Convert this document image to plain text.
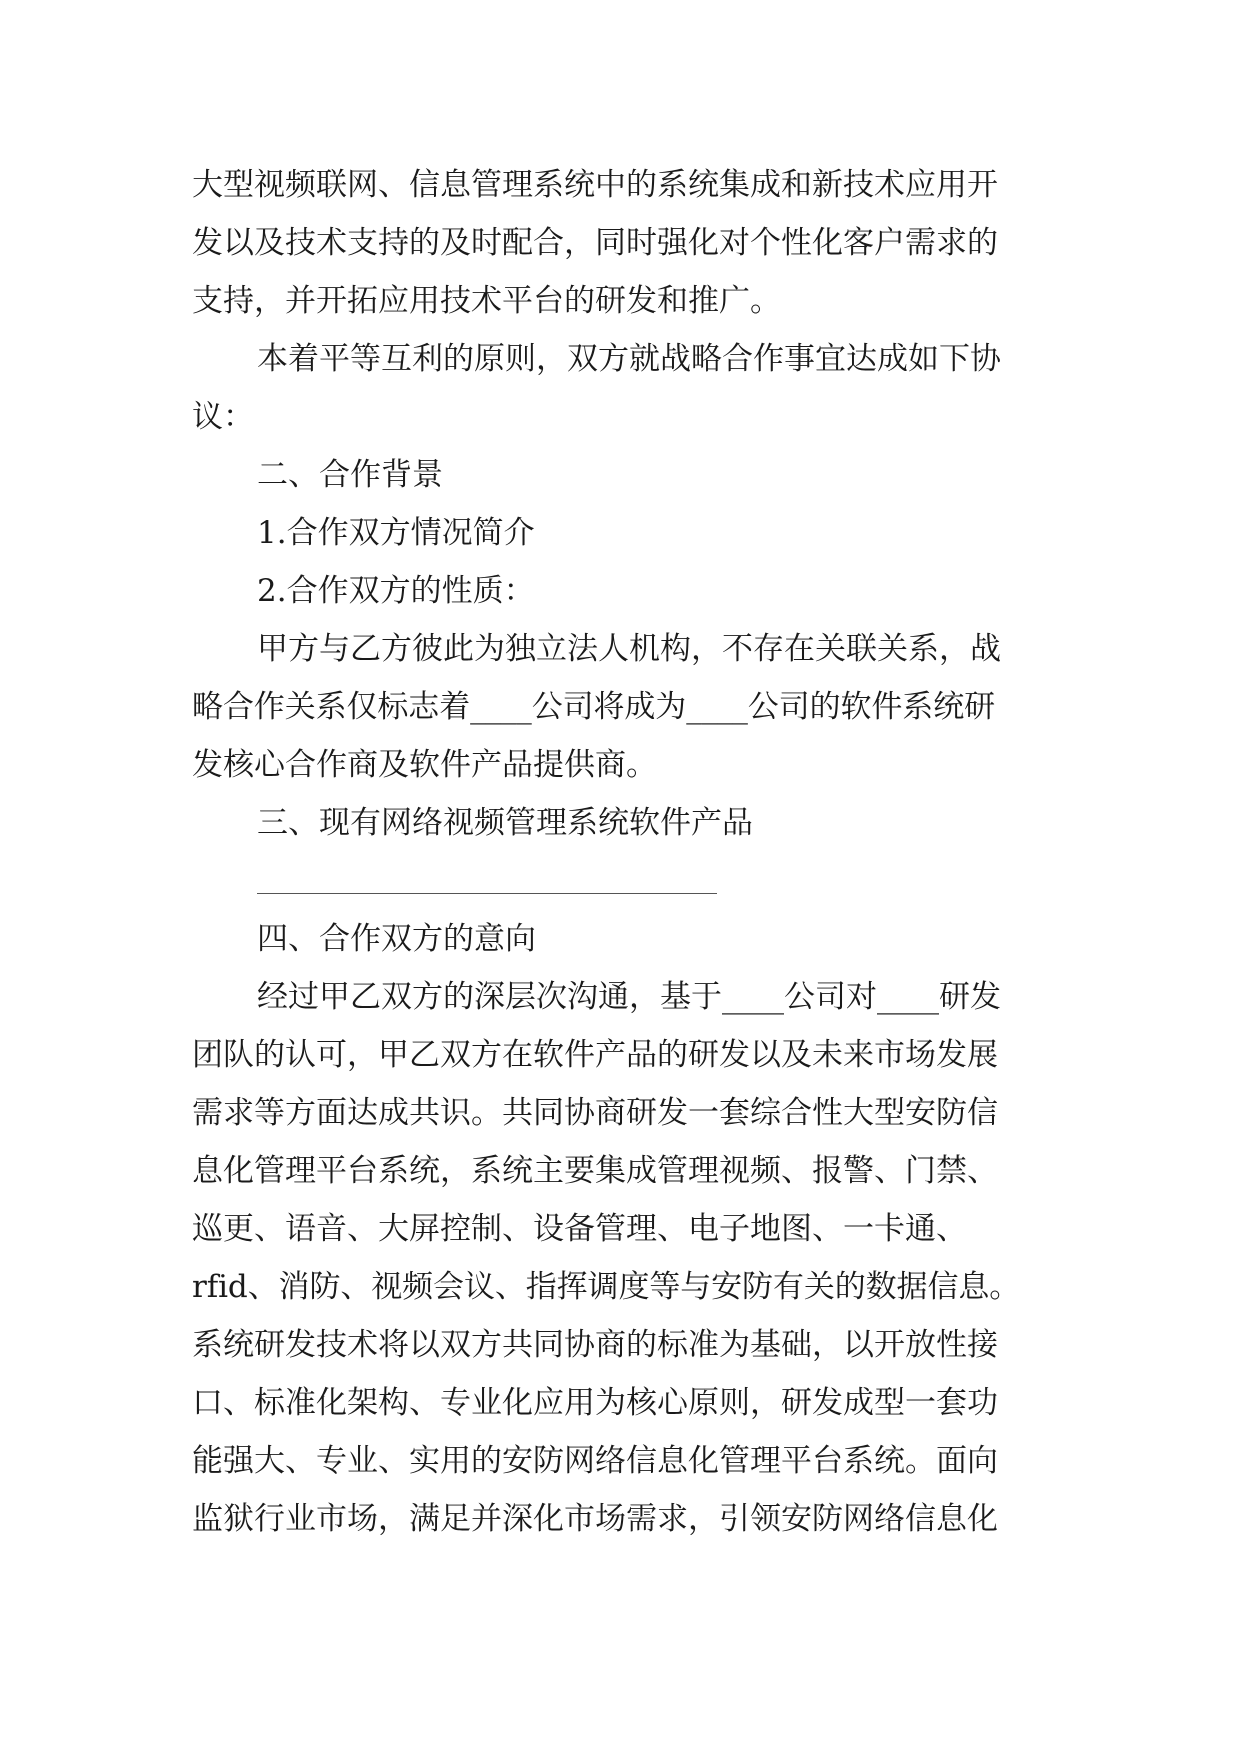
大型视频联网、信息管理系统中的系统集成和新技术应用开
发以及技术支持的及时配合，同时强化对个性化客户需求的
支持，并开拓应用技术平台的研发和推广。
本着平等互利的原则，双方就战略合作事宜达成如下协
议：
二、合作背景
1.合作双方情况简介
2.合作双方的性质：
甲方与乙方彼此为独立法人机构，不存在关联关系，战
略合作关系仅标志着____公司将成为____公司的软件系统研
发核心合作商及软件产品提供商。
三、现有网络视频管理系统软件产品
四、合作双方的意向
经过甲乙双方的深层次沟通，基于____公司对____研发
团队的认可，甲乙双方在软件产品的研发以及未来市场发展
需求等方面达成共识。共同协商研发一套综合性大型安防信
息化管理平台系统，系统主要集成管理视频、报警、门禁、
巡更、语音、大屏控制、设备管理、电子地图、一卡通、
rfid、消防、视频会议、指挥调度等与安防有关的数据信息。
系统研发技术将以双方共同协商的标准为基础，以开放性接
口、标准化架构、专业化应用为核心原则，研发成型一套功
能强大、专业、实用的安防网络信息化管理平台系统。面向
监狱行业市场，满足并深化市场需求，引领安防网络信息化
